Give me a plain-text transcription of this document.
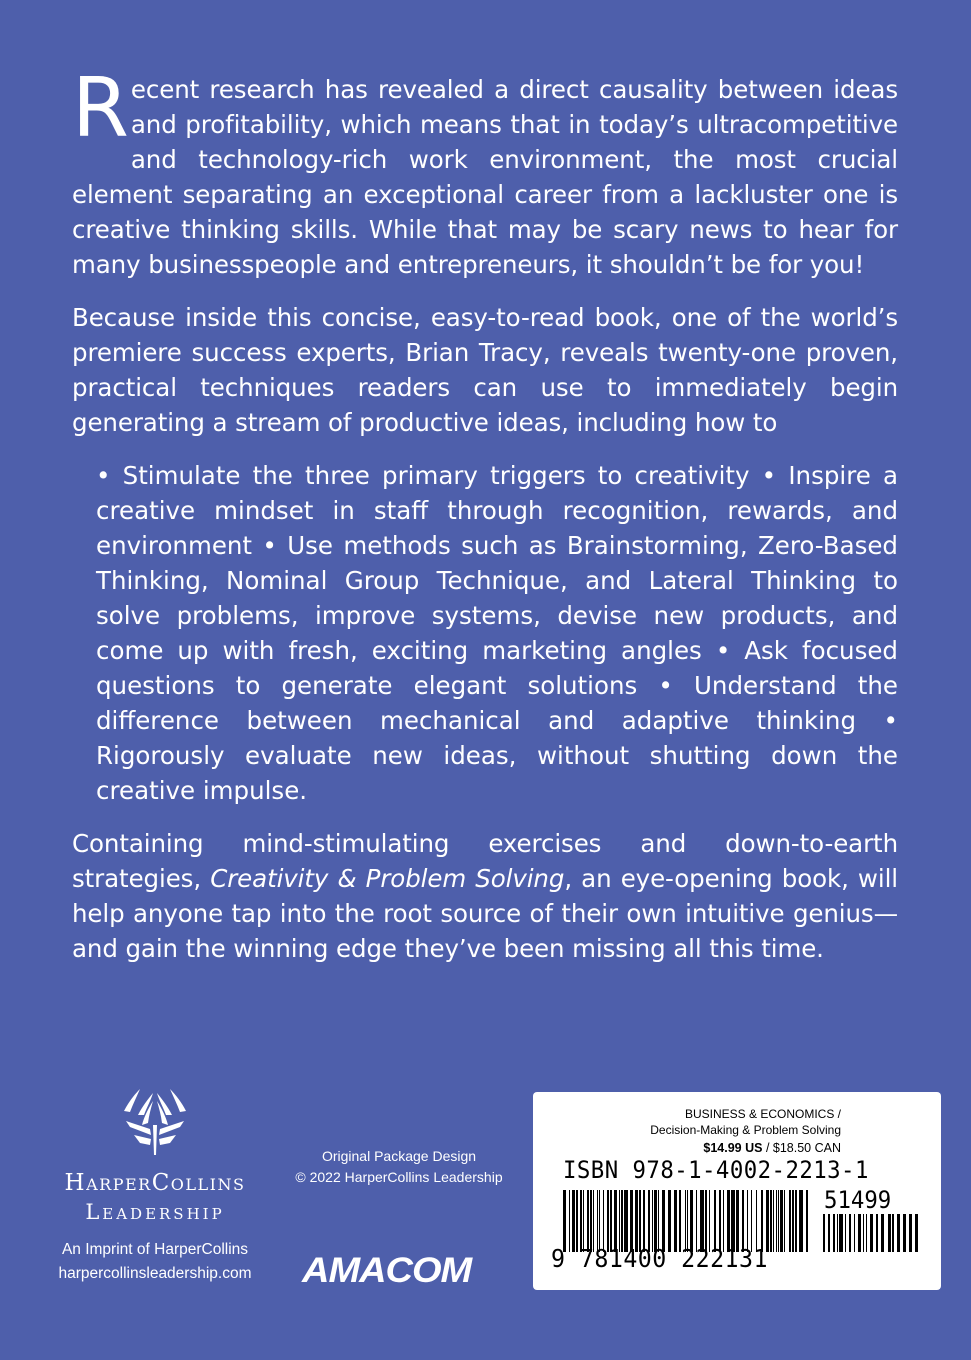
Recent research has revealed a direct causality between ideas and profitability, which means that in today’s ultracompetitive and technology-rich work environment, the most crucial element separating an exceptional career from a lackluster one is creative thinking skills. While that may be scary news to hear for many businesspeople and entrepreneurs, it shouldn’t be for you!

Because inside this concise, easy-to-read book, one of the world’s premiere success experts, Brian Tracy, reveals twenty-one proven, practical techniques readers can use to immediately begin generating a stream of productive ideas, including how to

• Stimulate the three primary triggers to creativity • Inspire a creative mindset in staff through recognition, rewards, and environment • Use methods such as Brainstorming, Zero-Based Thinking, Nominal Group Technique, and Lateral Thinking to solve problems, improve systems, devise new products, and come up with fresh, exciting marketing angles • Ask focused questions to generate elegant solutions • Understand the difference between mechanical and adaptive thinking • Rigorously evaluate new ideas, without shutting down the creative impulse.

Containing mind-stimulating exercises and down-to-earth strategies, Creativity & Problem Solving, an eye-opening book, will help anyone tap into the root source of their own intuitive genius—and gain the winning edge they’ve been missing all this time.

HarperCollins
Leadership
An Imprint of HarperCollins
harpercollinsleadership.com
Original Package Design
© 2022 HarperCollins Leadership
AMACOM
BUSINESS & ECONOMICS /
Decision-Making & Problem Solving
$14.99 US / $18.50 CAN
ISBN 978-1-4002-2213-1
51499
9 781400 222131
